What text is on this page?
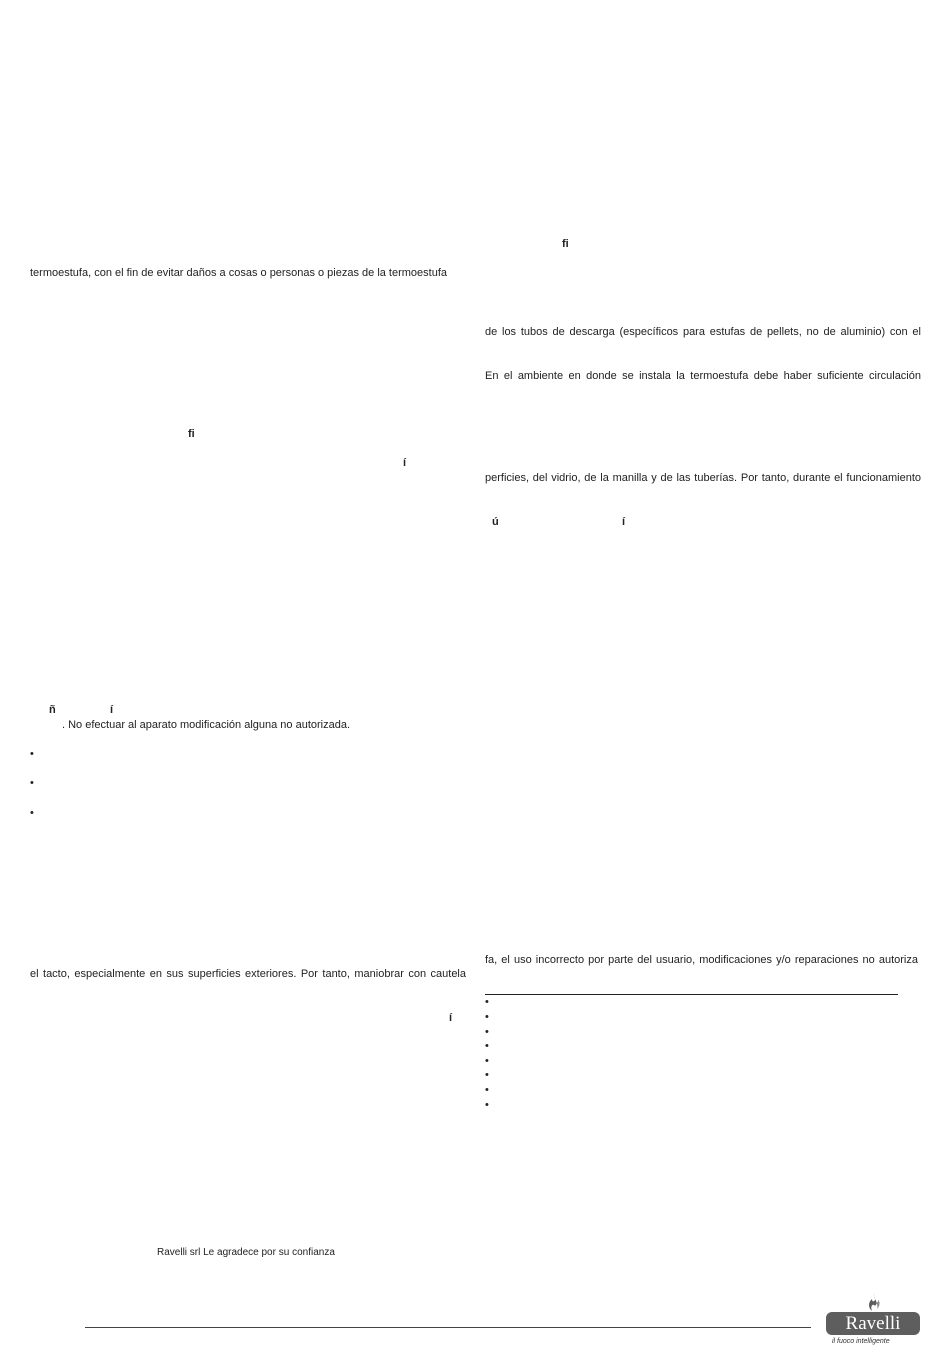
termoestufa, con el fin de evitar daños a cosas o personas o piezas de la termoestufa
fi
í
ñ	í
. No efectuar al aparato modificación alguna no autorizada.
•
•
•
el tacto, especialmente en sus superficies exteriores. Por tanto, maniobrar con cautela
í
Ravelli srl Le agradece por su confianza
fi
de los tubos de descarga (específicos para estufas de pellets, no de aluminio) con el
En el ambiente en donde se instala la termoestufa debe haber suficiente circulación
perficies, del vidrio, de la manilla y de las tuberías. Por tanto, durante el funcionamiento
ú	í
fa, el uso incorrecto por parte del usuario, modificaciones y/o reparaciones no autoriza
•
•
•
•
•
•
•
•
Ravelli
il fuoco intelligente
